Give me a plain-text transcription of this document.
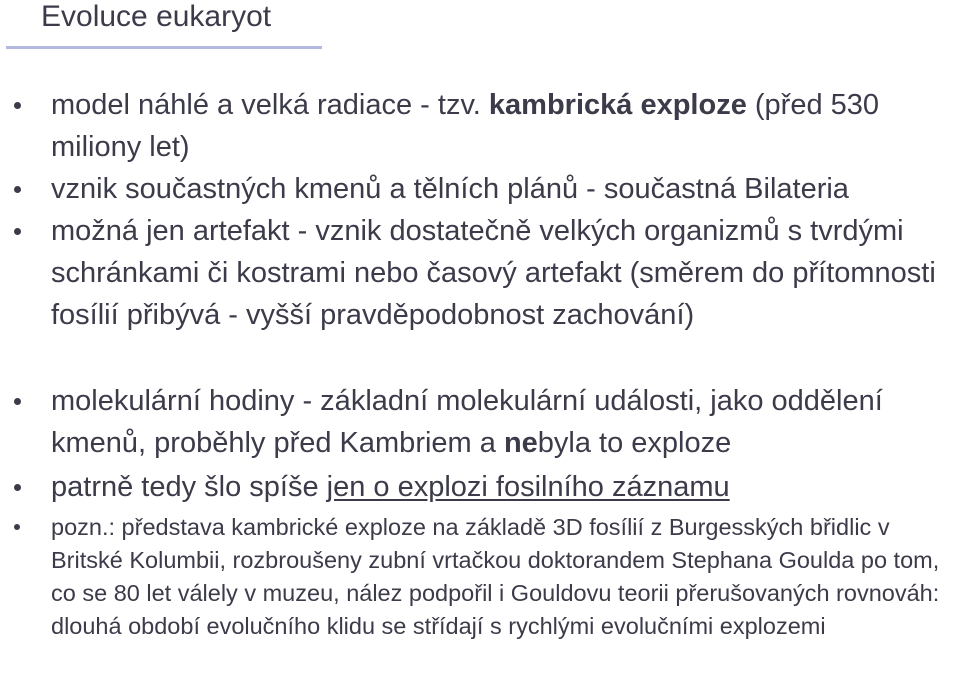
Evoluce eukaryot
model náhlé a velká radiace - tzv. kambrická exploze (před 530 miliony let)
vznik součastných kmenů a tělních plánů - součastná Bilateria
možná jen artefakt - vznik dostatečně velkých organizmů s tvrdými schránkami či kostrami nebo časový artefakt (směrem do přítomnosti fosílií přibývá - vyšší pravděpodobnost zachování)
molekulární hodiny - základní molekulární události, jako oddělení kmenů, proběhly před Kambriem a nebyla to exploze
patrně tedy šlo spíše jen o explozi fosilního záznamu
pozn.: představa kambrické exploze na základě 3D fosílií z Burgesských břidlic v Britské Kolumbii, rozbroušeny zubní vrtačkou doktorandem Stephana Goulda po tom, co se 80 let válely v muzeu, nález podpořil i Gouldovu teorii přerušovaných rovnováh: dlouhá období evolučního klidu se střídají s rychlými evolučními explozemi
